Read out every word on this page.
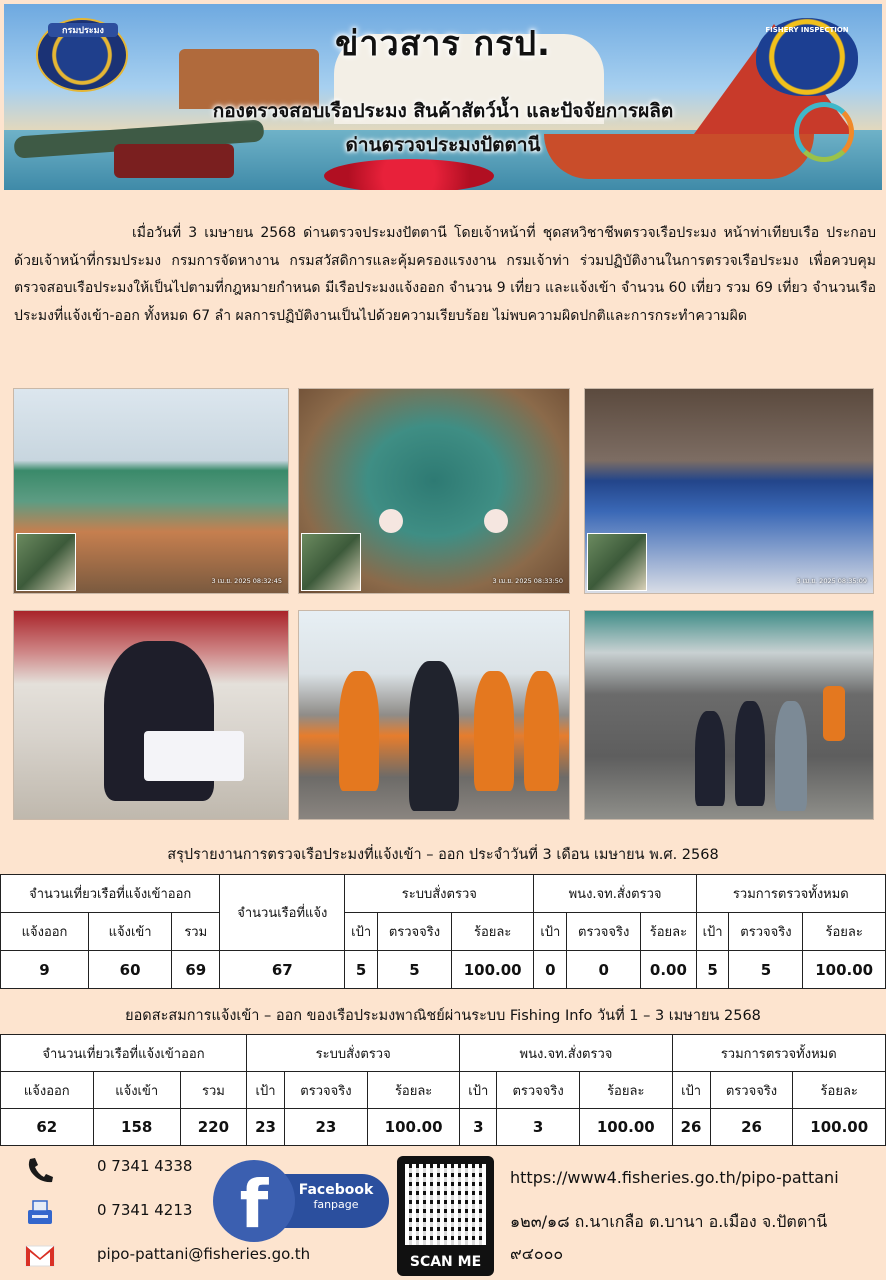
กรมประมง	FISHERY INSPECTION
ข่าวสาร กรป.
กองตรวจสอบเรือประมง สินค้าสัตว์น้ำ และปัจจัยการผลิต
ด่านตรวจประมงปัตตานี

เมื่อวันที่ 3 เมษายน 2568 ด่านตรวจประมงปัตตานี โดยเจ้าหน้าที่ ชุดสหวิชาชีพตรวจเรือประมง หน้าท่าเทียบเรือ ประกอบด้วยเจ้าหน้าที่กรมประมง กรมการจัดหางาน กรมสวัสดิการและคุ้มครองแรงงาน กรมเจ้าท่า ร่วมปฏิบัติงานในการตรวจเรือประมง เพื่อควบคุม ตรวจสอบเรือประมงให้เป็นไปตามที่กฎหมายกำหนด มีเรือประมงแจ้งออก จำนวน 9 เที่ยว และแจ้งเข้า จำนวน 60 เที่ยว รวม 69 เที่ยว จำนวนเรือประมงที่แจ้งเข้า-ออก ทั้งหมด 67 ลำ ผลการปฏิบัติงานเป็นไปด้วยความเรียบร้อย ไม่พบความผิดปกติและการกระทำความผิด

3 เม.ย. 2025 08:32:45	3 เม.ย. 2025 08:33:50	3 เม.ย. 2025 08:35:09
สรุปรายงานการตรวจเรือประมงที่แจ้งเข้า – ออก ประจำวันที่ 3 เดือน เมษายน พ.ศ. 2568
จำนวนเที่ยวเรือที่แจ้งเข้าออก			จำนวนเรือที่แจ้ง	ระบบสั่งตรวจ			พนง.จท.สั่งตรวจ			รวมการตรวจทั้งหมด		
แจ้งออก	แจ้งเข้า	รวม		เป้า	ตรวจจริง	ร้อยละ	เป้า	ตรวจจริง	ร้อยละ	เป้า	ตรวจจริง	ร้อยละ
9	60	69	67	5	5	100.00	0	0	0.00	5	5	100.00
ยอดสะสมการแจ้งเข้า – ออก ของเรือประมงพาณิชย์ผ่านระบบ Fishing Info วันที่ 1 – 3 เมษายน 2568
จำนวนเที่ยวเรือที่แจ้งเข้าออก			ระบบสั่งตรวจ			พนง.จท.สั่งตรวจ			รวมการตรวจทั้งหมด		
แจ้งออก	แจ้งเข้า	รวม	เป้า	ตรวจจริง	ร้อยละ	เป้า	ตรวจจริง	ร้อยละ	เป้า	ตรวจจริง	ร้อยละ
62	158	220	23	23	100.00	3	3	100.00	26	26	100.00
0 7341 4338
0 7341 4213
pipo-pattani@fisheries.go.th
Facebook
fanpage
f
SCAN ME
https://www4.fisheries.go.th/pipo-pattani
๑๒๓/๑๘ ถ.นาเกลือ ต.บานา อ.เมือง จ.ปัตตานี
๙๔๐๐๐
